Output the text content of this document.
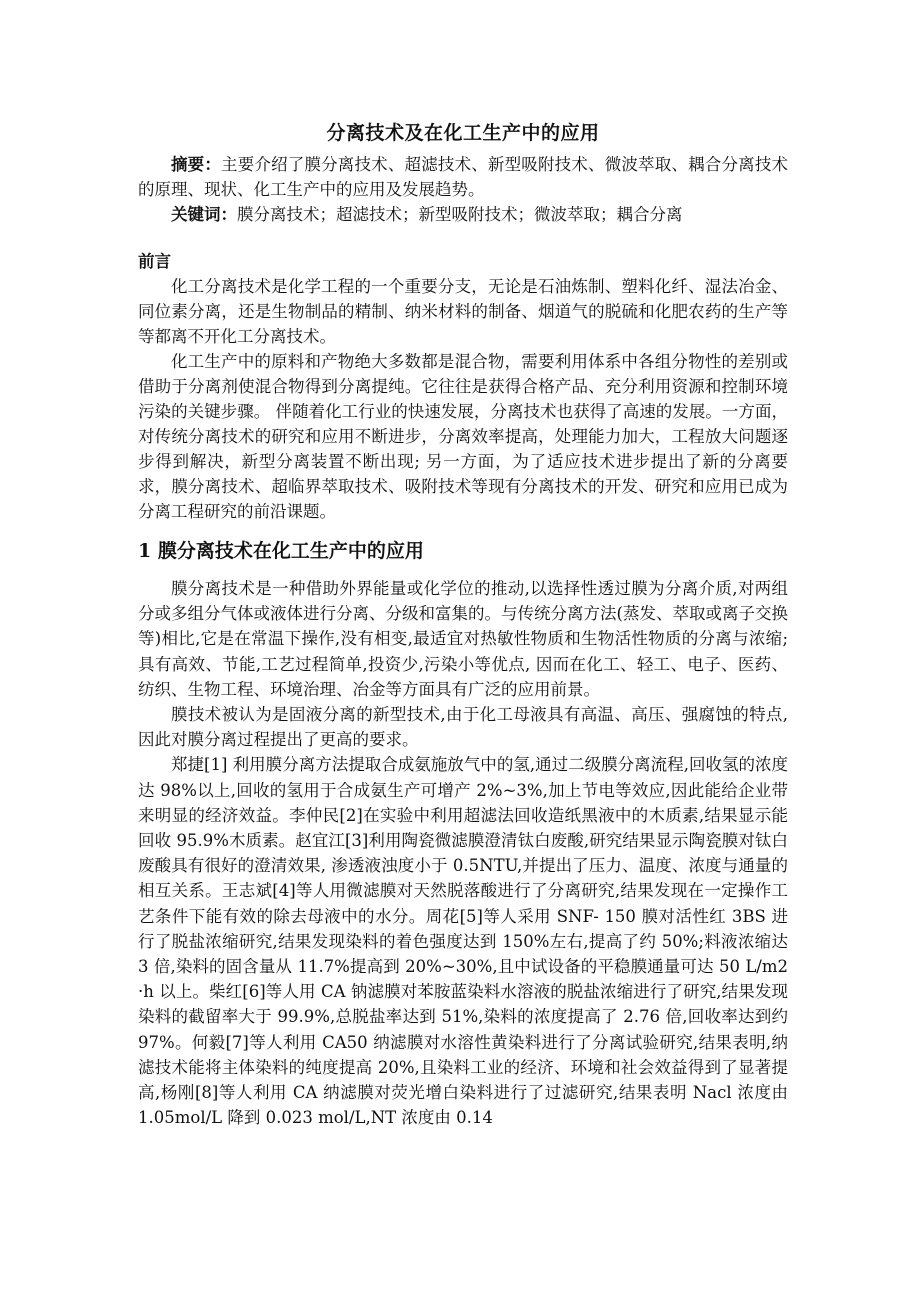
分离技术及在化工生产中的应用

摘要：主要介绍了膜分离技术、超滤技术、新型吸附技术、微波萃取、耦合分离技术的原理、现状、化工生产中的应用及发展趋势。

关键词：膜分离技术；超滤技术；新型吸附技术；微波萃取；耦合分离

前言

化工分离技术是化学工程的一个重要分支，无论是石油炼制、塑料化纤、湿法冶金、同位素分离，还是生物制品的精制、纳米材料的制备、烟道气的脱硫和化肥农药的生产等等都离不开化工分离技术。

化工生产中的原料和产物绝大多数都是混合物，需要利用体系中各组分物性的差别或借助于分离剂使混合物得到分离提纯。它往往是获得合格产品、充分利用资源和控制环境污染的关键步骤。 伴随着化工行业的快速发展，分离技术也获得了高速的发展。一方面，对传统分离技术的研究和应用不断进步，分离效率提高，处理能力加大，工程放大问题逐步得到解决，新型分离装置不断出现; 另一方面，为了适应技术进步提出了新的分离要求，膜分离技术、超临界萃取技术、吸附技术等现有分离技术的开发、研究和应用已成为分离工程研究的前沿课题。

1 膜分离技术在化工生产中的应用

膜分离技术是一种借助外界能量或化学位的推动,以选择性透过膜为分离介质,对两组分或多组分气体或液体进行分离、分级和富集的。与传统分离方法(蒸发、萃取或离子交换等)相比,它是在常温下操作,没有相变,最适宜对热敏性物质和生物活性物质的分离与浓缩;具有高效、节能,工艺过程简单,投资少,污染小等优点, 因而在化工、轻工、电子、医药、纺织、生物工程、环境治理、冶金等方面具有广泛的应用前景。

膜技术被认为是固液分离的新型技术,由于化工母液具有高温、高压、强腐蚀的特点,因此对膜分离过程提出了更高的要求。

郑捷[1] 利用膜分离方法提取合成氨施放气中的氢,通过二级膜分离流程,回收氢的浓度达 98%以上,回收的氢用于合成氨生产可增产 2%~3%,加上节电等效应,因此能给企业带来明显的经济效益。李仲民[2]在实验中利用超滤法回收造纸黑液中的木质素,结果显示能回收 95.9%木质素。赵宜江[3]利用陶瓷微滤膜澄清钛白废酸,研究结果显示陶瓷膜对钛白废酸具有很好的澄清效果, 渗透液浊度小于 0.5NTU,并提出了压力、温度、浓度与通量的相互关系。王志斌[4]等人用微滤膜对天然脱落酸进行了分离研究,结果发现在一定操作工艺条件下能有效的除去母液中的水分。周花[5]等人采用 SNF- 150 膜对活性红 3BS 进行了脱盐浓缩研究,结果发现染料的着色强度达到 150%左右,提高了约 50%;料液浓缩达 3 倍,染料的固含量从 11.7%提高到 20%~30%,且中试设备的平稳膜通量可达 50 L/m2·h 以上。柴红[6]等人用 CA 钠滤膜对苯胺蓝染料水溶液的脱盐浓缩进行了研究,结果发现染料的截留率大于 99.9%,总脱盐率达到 51%,染料的浓度提高了 2.76 倍,回收率达到约 97%。何毅[7]等人利用 CA50 纳滤膜对水溶性黄染料进行了分离试验研究,结果表明,纳滤技术能将主体染料的纯度提高 20%,且染料工业的经济、环境和社会效益得到了显著提高,杨刚[8]等人利用 CA 纳滤膜对荧光增白染料进行了过滤研究,结果表明 Nacl 浓度由 1.05mol/L 降到 0.023 mol/L,NT 浓度由 0.14
